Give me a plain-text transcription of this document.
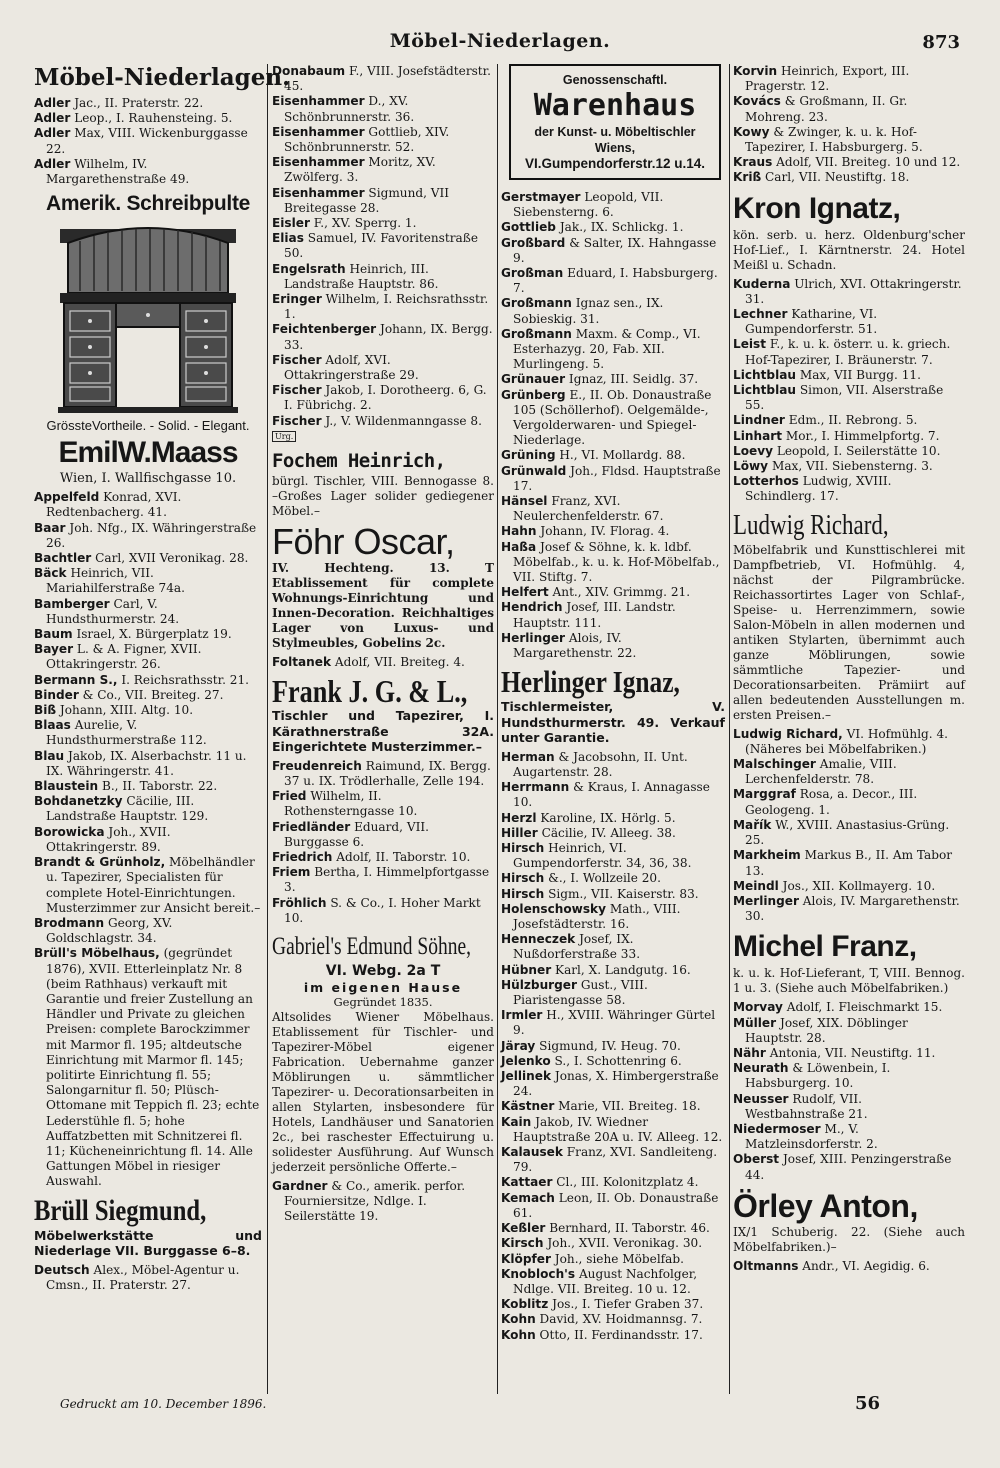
Möbel-Niederlagen.	873
Möbel-Niederlagen.

Adler Jac., II. Praterstr. 22.

Adler Leop., I. Rauhensteing. 5.

Adler Max, VIII. Wickenburggasse 22.

Adler Wilhelm, IV. Margarethenstraße 49.

Amerik. Schreibpulte
GrössteVortheile. - Solid. - Elegant.
EmilW.Maass
Wien, I. Wallfischgasse 10.

Appelfeld Konrad, XVI. Redtenbacherg. 41.

Baar Joh. Nfg., IX. Währingerstraße 26.

Bachtler Carl, XVII Veronikag. 28.

Bäck Heinrich, VII. Mariahilferstraße 74a.

Bamberger Carl, V. Hundsthurmerstr. 24.

Baum Israel, X. Bürgerplatz 19.

Bayer L. & A. Figner, XVII. Ottakringerstr. 26.

Bermann S., I. Reichsrathsstr. 21.

Binder & Co., VII. Breiteg. 27.

Biß Johann, XIII. Altg. 10.

Blaas Aurelie, V. Hundsthurmerstraße 112.

Blau Jakob, IX. Alserbachstr. 11 u. IX. Währingerstr. 41.

Blaustein B., II. Taborstr. 22.

Bohdanetzky Cäcilie, III. Landstraße Hauptstr. 129.

Borowicka Joh., XVII. Ottakringerstr. 89.

Brandt & Grünholz, Möbelhändler u. Tapezirer, Specialisten für complete Hotel-Einrichtungen. Musterzimmer zur Ansicht bereit.–

Brodmann Georg, XV. Goldschlagstr. 34.

Brüll's Möbelhaus, (gegründet 1876), XVII. Etterleinplatz Nr. 8 (beim Rathhaus) verkauft mit Garantie und freier Zustellung an Händler und Private zu gleichen Preisen: complete Barockzimmer mit Marmor fl. 195; altdeutsche Einrichtung mit Marmor fl. 145; politirte Einrichtung fl. 55; Salongarnitur fl. 50; Plüsch-Ottomane mit Teppich fl. 23; echte Lederstühle fl. 5; hohe Auffatzbetten mit Schnitzerei fl. 11; Kücheneinrichtung fl. 14. Alle Gattungen Möbel in riesiger Auswahl.

Brüll Siegmund,
Möbelwerkstätte und Niederlage VII. Burggasse 6–8.

Deutsch Alex., Möbel-Agentur u. Cmsn., II. Praterstr. 27.

Donabaum F., VIII. Josefstädterstr. 45.

Eisenhammer D., XV. Schönbrunnerstr. 36.

Eisenhammer Gottlieb, XIV. Schönbrunnerstr. 52.

Eisenhammer Moritz, XV. Zwölferg. 3.

Eisenhammer Sigmund, VII Breitegasse 28.

Eisler F., XV. Sperrg. 1.

Elias Samuel, IV. Favoritenstraße 50.

Engelsrath Heinrich, III. Landstraße Hauptstr. 86.

Eringer Wilhelm, I. Reichsrathsstr. 1.

Feichtenberger Johann, IX. Bergg. 33.

Fischer Adolf, XVI. Ottakringerstraße 29.

Fischer Jakob, I. Dorotheerg. 6, G. I. Fübrichg. 2.

Fischer J., V. Wildenmanngasse 8.

Urg.
Fochem Heinrich,
bürgl. Tischler, VIII. Bennogasse 8. –Großes Lager solider gediegener Möbel.–
Föhr Oscar,
IV. Hechteng. 13. T Etablissement für complete Wohnungs-Einrichtung und Innen-Decoration. Reichhaltiges Lager von Luxus- und Stylmeubles, Gobelins 2c.

Foltanek Adolf, VII. Breiteg. 4.

Frank J. G. & L.,
Tischler und Tapezirer, I. Kärathnerstraße 32A. Eingerichtete Musterzimmer.–

Freudenreich Raimund, IX. Bergg. 37 u. IX. Trödlerhalle, Zelle 194.

Fried Wilhelm, II. Rothensterngasse 10.

Friedländer Eduard, VII. Burggasse 6.

Friedrich Adolf, II. Taborstr. 10.

Friem Bertha, I. Himmelpfortgasse 3.

Fröhlich S. & Co., I. Hoher Markt 10.

Gabriel's Edmund Söhne,
VI. Webg. 2a T
im eigenen Hause
Gegründet 1835.
Altsolides Wiener Möbelhaus. Etablissement für Tischler- und Tapezirer-Möbel eigener Fabrication. Uebernahme ganzer Möblirungen u. sämmtlicher Tapezirer- u. Decorationsarbeiten in allen Stylarten, insbesondere für Hotels, Landhäuser und Sanatorien 2c., bei raschester Effectuirung u. solidester Ausführung. Auf Wunsch jederzeit persönliche Offerte.–

Gardner & Co., amerik. perfor. Fourniersitze, Ndlge. I. Seilerstätte 19.

Genossenschaftl.
Warenhaus
der Kunst- u. Möbeltischler
Wiens,
VI.Gumpendorferstr.12 u.14.

Gerstmayer Leopold, VII. Siebensterng. 6.

Gottlieb Jak., IX. Schlickg. 1.

Großbard & Salter, IX. Hahngasse 9.

Großman Eduard, I. Habsburgerg. 7.

Großmann Ignaz sen., IX. Sobieskig. 31.

Großmann Maxm. & Comp., VI. Esterhazyg. 20, Fab. XII. Murlingeng. 5.

Grünauer Ignaz, III. Seidlg. 37.

Grünberg E., II. Ob. Donaustraße 105 (Schöllerhof). Oelgemälde-, Vergolderwaren- und Spiegel-Niederlage.

Grüning H., VI. Mollardg. 88.

Grünwald Joh., Fldsd. Hauptstraße 17.

Hänsel Franz, XVI. Neulerchenfelderstr. 67.

Hahn Johann, IV. Florag. 4.

Haßa Josef & Söhne, k. k. ldbf. Möbelfab., k. u. k. Hof-Möbelfab., VII. Stiftg. 7.

Helfert Ant., XIV. Grimmg. 21.

Hendrich Josef, III. Landstr. Hauptstr. 111.

Herlinger Alois, IV. Margarethenstr. 22.

Herlinger Ignaz,
Tischlermeister, V. Hundsthurmerstr. 49. Verkauf unter Garantie.

Herman & Jacobsohn, II. Unt. Augartenstr. 28.

Herrmann & Kraus, I. Annagasse 10.

Herzl Karoline, IX. Hörlg. 5.

Hiller Cäcilie, IV. Alleeg. 38.

Hirsch Heinrich, VI. Gumpendorferstr. 34, 36, 38.

Hirsch &., I. Wollzeile 20.

Hirsch Sigm., VII. Kaiserstr. 83.

Holenschowsky Math., VIII. Josefstädterstr. 16.

Henneczek Josef, IX. Nußdorferstraße 33.

Hübner Karl, X. Landgutg. 16.

Hülzburger Gust., VIII. Piaristengasse 58.

Irmler H., XVIII. Währinger Gürtel 9.

Järay Sigmund, IV. Heug. 70.

Jelenko S., I. Schottenring 6.

Jellinek Jonas, X. Himbergerstraße 24.

Kästner Marie, VII. Breiteg. 18.

Kain Jakob, IV. Wiedner Hauptstraße 20A u. IV. Alleeg. 12.

Kalausek Franz, XVI. Sandleiteng. 79.

Kattaer Cl., III. Kolonitzplatz 4.

Kemach Leon, II. Ob. Donaustraße 61.

Keßler Bernhard, II. Taborstr. 46.

Kirsch Joh., XVII. Veronikag. 30.

Klöpfer Joh., siehe Möbelfab.

Knobloch's August Nachfolger, Ndlge. VII. Breiteg. 10 u. 12.

Koblitz Jos., I. Tiefer Graben 37.

Kohn David, XV. Hoidmannsg. 7.

Kohn Otto, II. Ferdinandsstr. 17.

Korvin Heinrich, Export, III. Pragerstr. 12.

Kovács & Großmann, II. Gr. Mohreng. 23.

Kowy & Zwinger, k. u. k. Hof-Tapezirer, I. Habsburgerg. 5.

Kraus Adolf, VII. Breiteg. 10 und 12.

Kriß Carl, VII. Neustiftg. 18.

Kron Ignatz,
kön. serb. u. herz. Oldenburg'scher Hof-Lief., I. Kärntnerstr. 24. Hotel Meißl u. Schadn.

Kuderna Ulrich, XVI. Ottakringerstr. 31.

Lechner Katharine, VI. Gumpendorferstr. 51.

Leist F., k. u. k. österr. u. k. griech. Hof-Tapezirer, I. Bräunerstr. 7.

Lichtblau Max, VII Burgg. 11.

Lichtblau Simon, VII. Alserstraße 55.

Lindner Edm., II. Rebrong. 5.

Linhart Mor., I. Himmelpfortg. 7.

Loevy Leopold, I. Seilerstätte 10.

Löwy Max, VII. Siebensterng. 3.

Lotterhos Ludwig, XVIII. Schindlerg. 17.

Ludwig Richard,
Möbelfabrik und Kunsttischlerei mit Dampfbetrieb, VI. Hofmühlg. 4, nächst der Pilgrambrücke. Reichassortirtes Lager von Schlaf-, Speise- u. Herrenzimmern, sowie Salon-Möbeln in allen modernen und antiken Stylarten, übernimmt auch ganze Möblirungen, sowie sämmtliche Tapezier- und Decorationsarbeiten. Prämiirt auf allen bedeutenden Ausstellungen m. ersten Preisen.–

Ludwig Richard, VI. Hofmühlg. 4. (Näheres bei Möbelfabriken.)

Malschinger Amalie, VIII. Lerchenfelderstr. 78.

Marggraf Rosa, a. Decor., III. Geologeng. 1.

Mařík W., XVIII. Anastasius-Grüng. 25.

Markheim Markus B., II. Am Tabor 13.

Meindl Jos., XII. Kollmayerg. 10.

Merlinger Alois, IV. Margarethenstr. 30.

Michel Franz,
k. u. k. Hof-Lieferant, T, VIII. Bennog. 1 u. 3. (Siehe auch Möbelfabriken.)

Morvay Adolf, I. Fleischmarkt 15.

Müller Josef, XIX. Döblinger Hauptstr. 28.

Nähr Antonia, VII. Neustiftg. 11.

Neurath & Löwenbein, I. Habsburgerg. 10.

Neusser Rudolf, VII. Westbahnstraße 21.

Niedermoser M., V. Matzleinsdorferstr. 2.

Oberst Josef, XIII. Penzingerstraße 44.

Örley Anton,
IX/1 Schuberig. 22. (Siehe auch Möbelfabriken.)–

Oltmanns Andr., VI. Aegidig. 6.

Gedruckt am 10. December 1896.	56
